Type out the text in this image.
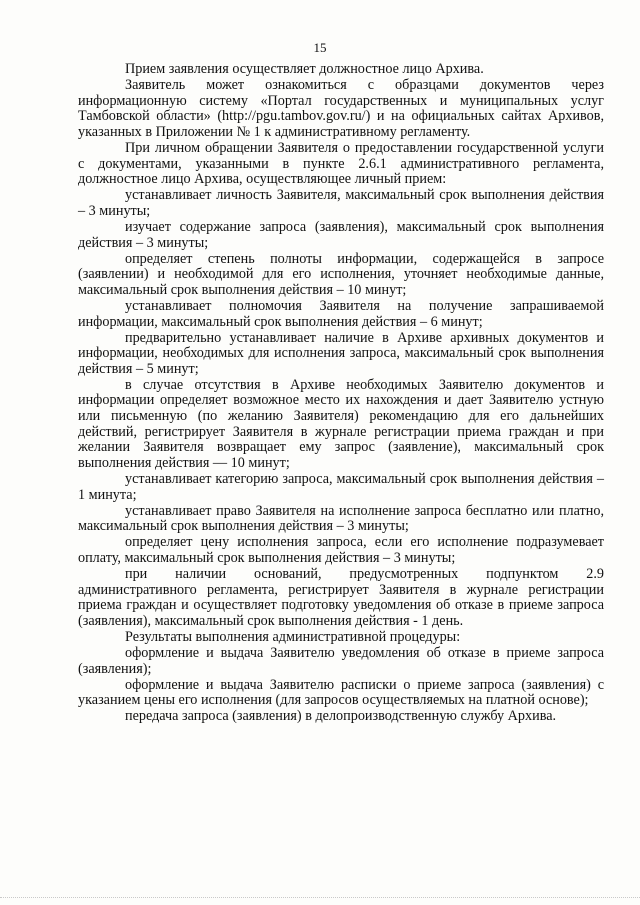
15

Прием заявления осуществляет должностное лицо Архива.

Заявитель может ознакомиться с образцами документов через информационную систему «Портал государственных и муниципальных услуг Тамбовской области» (http://pgu.tambov.gov.ru/) и на официальных сайтах Архивов, указанных в Приложении № 1 к административному регламенту.

При личном обращении Заявителя о предоставлении государственной услуги с документами, указанными в пункте 2.6.1 административного регламента, должностное лицо Архива, осуществляющее личный прием:

устанавливает личность Заявителя, максимальный срок выполнения действия – 3 минуты;

изучает содержание запроса (заявления), максимальный срок выполнения действия – 3 минуты;

определяет степень полноты информации, содержащейся в запросе (заявлении) и необходимой для его исполнения, уточняет необходимые данные, максимальный срок выполнения действия – 10 минут;

устанавливает полномочия Заявителя на получение запрашиваемой информации, максимальный срок выполнения действия – 6 минут;

предварительно устанавливает наличие в Архиве архивных документов и информации, необходимых для исполнения запроса, максимальный срок выполнения действия – 5 минут;

в случае отсутствия в Архиве необходимых Заявителю документов и информации определяет возможное место их нахождения и дает Заявителю устную или письменную (по желанию Заявителя) рекомендацию для его дальнейших действий, регистрирует Заявителя в журнале регистрации приема граждан и при желании Заявителя возвращает ему запрос (заявление), максимальный срок выполнения действия — 10 минут;

устанавливает категорию запроса, максимальный срок выполнения действия – 1 минута;

устанавливает право Заявителя на исполнение запроса бесплатно или платно, максимальный срок выполнения действия – 3 минуты;

определяет цену исполнения запроса, если его исполнение подразумевает оплату, максимальный срок выполнения действия – 3 минуты;

при наличии оснований, предусмотренных подпунктом 2.9 административного регламента, регистрирует Заявителя в журнале регистрации приема граждан и осуществляет подготовку уведомления об отказе в приеме запроса (заявления), максимальный срок выполнения действия - 1 день.

Результаты выполнения административной процедуры:

оформление и выдача Заявителю уведомления об отказе в приеме запроса (заявления);

оформление и выдача Заявителю расписки о приеме запроса (заявления) с указанием цены его исполнения (для запросов осуществляемых на платной основе);

передача запроса (заявления) в делопроизводственную службу Архива.
